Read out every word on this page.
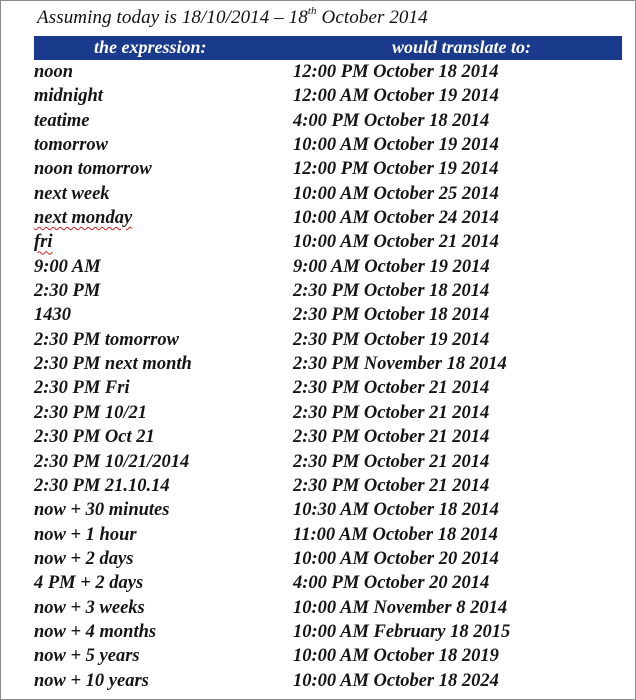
Assuming today is 18/10/2014 – 18th October 2014
the expression:	would translate to:
noon	12:00 PM October 18 2014
midnight	12:00 AM October 19 2014
teatime	4:00 PM October 18 2014
tomorrow	10:00 AM October 19 2014
noon tomorrow	12:00 PM October 19 2014
next week	10:00 AM October 25 2014
next monday	10:00 AM October 24 2014
fri	10:00 AM October 21 2014
9:00 AM	9:00 AM October 19 2014
2:30 PM	2:30 PM October 18 2014
1430	2:30 PM October 18 2014
2:30 PM tomorrow	2:30 PM October 19 2014
2:30 PM next month	2:30 PM November 18 2014
2:30 PM Fri	2:30 PM October 21 2014
2:30 PM 10/21	2:30 PM October 21 2014
2:30 PM Oct 21	2:30 PM October 21 2014
2:30 PM 10/21/2014	2:30 PM October 21 2014
2:30 PM 21.10.14	2:30 PM October 21 2014
now + 30 minutes	10:30 AM October 18 2014
now + 1 hour	11:00 AM October 18 2014
now + 2 days	10:00 AM October 20 2014
4 PM + 2 days	4:00 PM October 20 2014
now + 3 weeks	10:00 AM November 8 2014
now + 4 months	10:00 AM February 18 2015
now + 5 years	10:00 AM October 18 2019
now + 10 years	10:00 AM October 18 2024
